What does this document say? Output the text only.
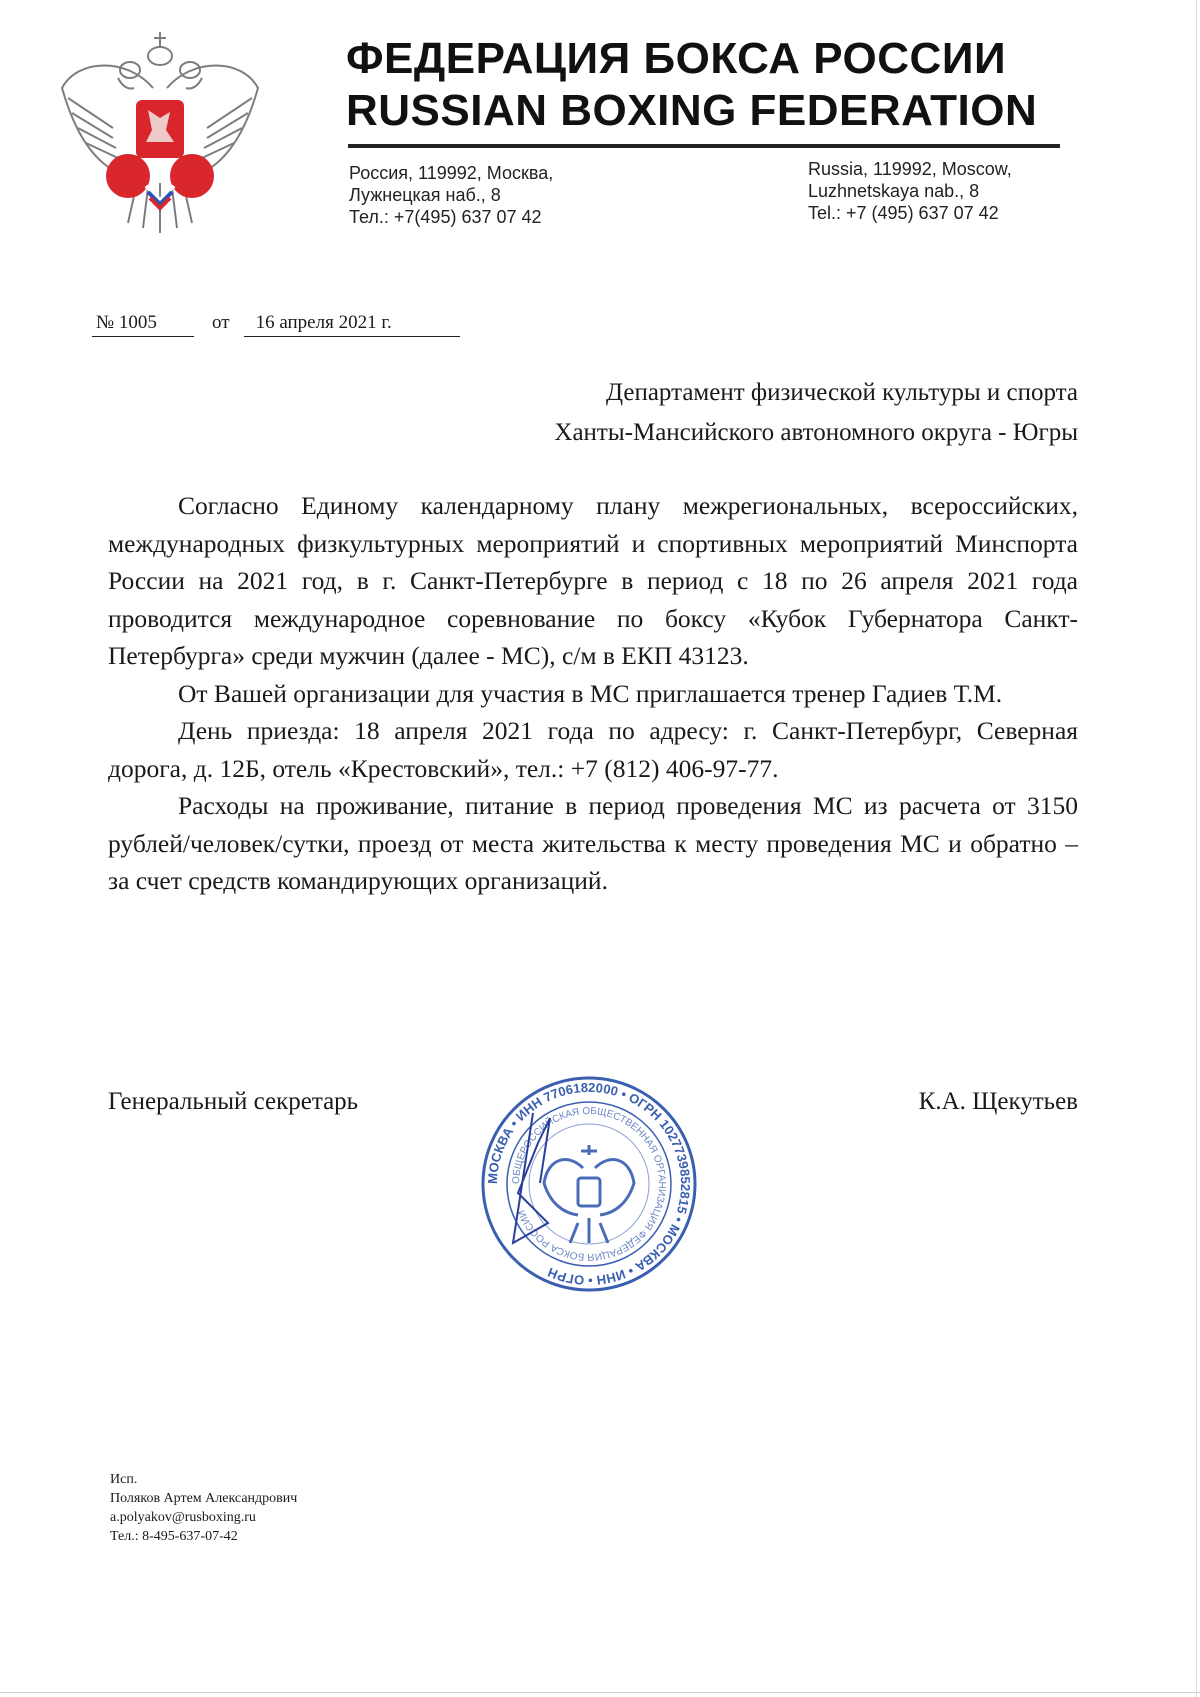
ФЕДЕРАЦИЯ БОКСА РОССИИ
RUSSIAN BOXING FEDERATION
Россия, 119992, Москва,
Лужнецкая наб., 8
Тел.: +7(495) 637 07 42
Russia, 119992, Moscow,
Luzhnetskaya nab., 8
Tel.: +7 (495) 637 07 42
№ 1005	от 16 апреля 2021 г.
Департамент физической культуры и спорта
Ханты-Мансийского автономного округа - Югры

Согласно Единому календарному плану межрегиональных, всероссийских, международных физкультурных мероприятий и спортивных мероприятий Минспорта России на 2021 год, в г. Санкт-Петербурге в период с 18 по 26 апреля 2021 года проводится международное соревнование по боксу «Кубок Губернатора Санкт-Петербурга» среди мужчин (далее - МС), с/м в ЕКП 43123.

От Вашей организации для участия в МС приглашается тренер Гадиев Т.М.

День приезда: 18 апреля 2021 года по адресу: г. Санкт-Петербург, Северная дорога, д. 12Б, отель «Крестовский», тел.: +7 (812) 406-97-77.

Расходы на проживание, питание в период проведения МС из расчета от 3150 рублей/человек/сутки, проезд от места жительства к месту проведения МС и обратно – за счет средств командирующих организаций.

Генеральный секретарь	К.А. Щекутьев
МОСКВА • ИНН 7706182000 • ОГРН 1027739852815 • МОСКВА • ИНН • ОГРН
ОБЩЕРОССИЙСКАЯ ОБЩЕСТВЕННАЯ ОРГАНИЗАЦИЯ ФЕДЕРАЦИЯ БОКСА РОССИИ
Исп.
Поляков Артем Александрович
a.polyakov@rusboxing.ru
Тел.: 8-495-637-07-42
